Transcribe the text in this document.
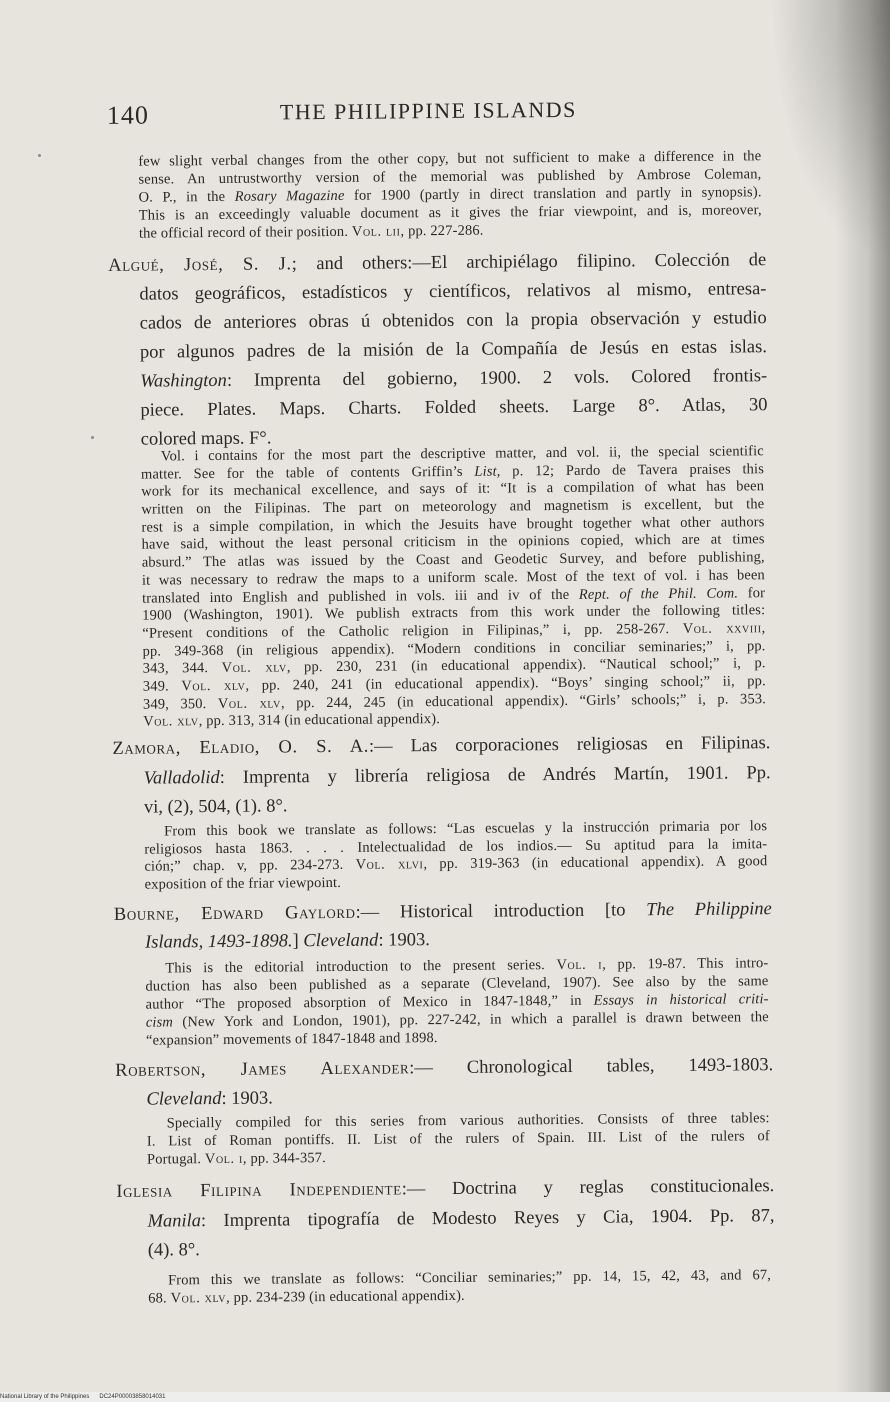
140	THE PHILIPPINE ISLANDS
few slight verbal changes from the other copy, but not sufficient to make a difference in the
sense. An untrustworthy version of the memorial was published by Ambrose Coleman,
O. P., in the Rosary Magazine for 1900 (partly in direct translation and partly in synopsis).
This is an exceedingly valuable document as it gives the friar viewpoint, and is, moreover,
the official record of their position. Vol. lii, pp. 227-286.
Algué, José, S. J.; and others:—El archipiélago filipino. Colección de
datos geográficos, estadísticos y científicos, relativos al mismo, entresa-
cados de anteriores obras ú obtenidos con la propia observación y estudio
por algunos padres de la misión de la Compañía de Jesús en estas islas.
Washington: Imprenta del gobierno, 1900. 2 vols. Colored frontis-
piece. Plates. Maps. Charts. Folded sheets. Large 8°. Atlas, 30
colored maps. F°.
Vol. i contains for the most part the descriptive matter, and vol. ii, the special scientific
matter. See for the table of contents Griffin’s List, p. 12; Pardo de Tavera praises this
work for its mechanical excellence, and says of it: “It is a compilation of what has been
written on the Filipinas. The part on meteorology and magnetism is excellent, but the
rest is a simple compilation, in which the Jesuits have brought together what other authors
have said, without the least personal criticism in the opinions copied, which are at times
absurd.” The atlas was issued by the Coast and Geodetic Survey, and before publishing,
it was necessary to redraw the maps to a uniform scale. Most of the text of vol. i has been
translated into English and published in vols. iii and iv of the Rept. of the Phil. Com. for
1900 (Washington, 1901). We publish extracts from this work under the following titles:
“Present conditions of the Catholic religion in Filipinas,” i, pp. 258-267. Vol. xxviii,
pp. 349-368 (in religious appendix). “Modern conditions in conciliar seminaries;” i, pp.
343, 344. Vol. xlv, pp. 230, 231 (in educational appendix). “Nautical school;” i, p.
349. Vol. xlv, pp. 240, 241 (in educational appendix). “Boys’ singing school;” ii, pp.
349, 350. Vol. xlv, pp. 244, 245 (in educational appendix). “Girls’ schools;” i, p. 353.
Vol. xlv, pp. 313, 314 (in educational appendix).
Zamora, Eladio, O. S. A.:— Las corporaciones religiosas en Filipinas.
Valladolid: Imprenta y librería religiosa de Andrés Martín, 1901. Pp.
vi, (2), 504, (1). 8°.
From this book we translate as follows: “Las escuelas y la instrucción primaria por los
religiosos hasta 1863. . . . Intelectualidad de los indios.— Su aptitud para la imita-
ción;” chap. v, pp. 234-273. Vol. xlvi, pp. 319-363 (in educational appendix). A good
exposition of the friar viewpoint.
Bourne, Edward Gaylord:— Historical introduction [to The Philippine
Islands, 1493-1898.] Cleveland: 1903.
This is the editorial introduction to the present series. Vol. i, pp. 19-87. This intro-
duction has also been published as a separate (Cleveland, 1907). See also by the same
author “The proposed absorption of Mexico in 1847-1848,” in Essays in historical criti-
cism (New York and London, 1901), pp. 227-242, in which a parallel is drawn between the
“expansion” movements of 1847-1848 and 1898.
Robertson, James Alexander:— Chronological tables, 1493-1803.
Cleveland: 1903.
Specially compiled for this series from various authorities. Consists of three tables:
I. List of Roman pontiffs. II. List of the rulers of Spain. III. List of the rulers of
Portugal. Vol. i, pp. 344-357.
Iglesia Filipina Independiente:— Doctrina y reglas constitucionales.
Manila: Imprenta tipografía de Modesto Reyes y Cia, 1904. Pp. 87,
(4). 8°.
From this we translate as follows: “Conciliar seminaries;” pp. 14, 15, 42, 43, and 67,
68. Vol. xlv, pp. 234-239 (in educational appendix).
National Library of the Philippines DC24P00003858014031
